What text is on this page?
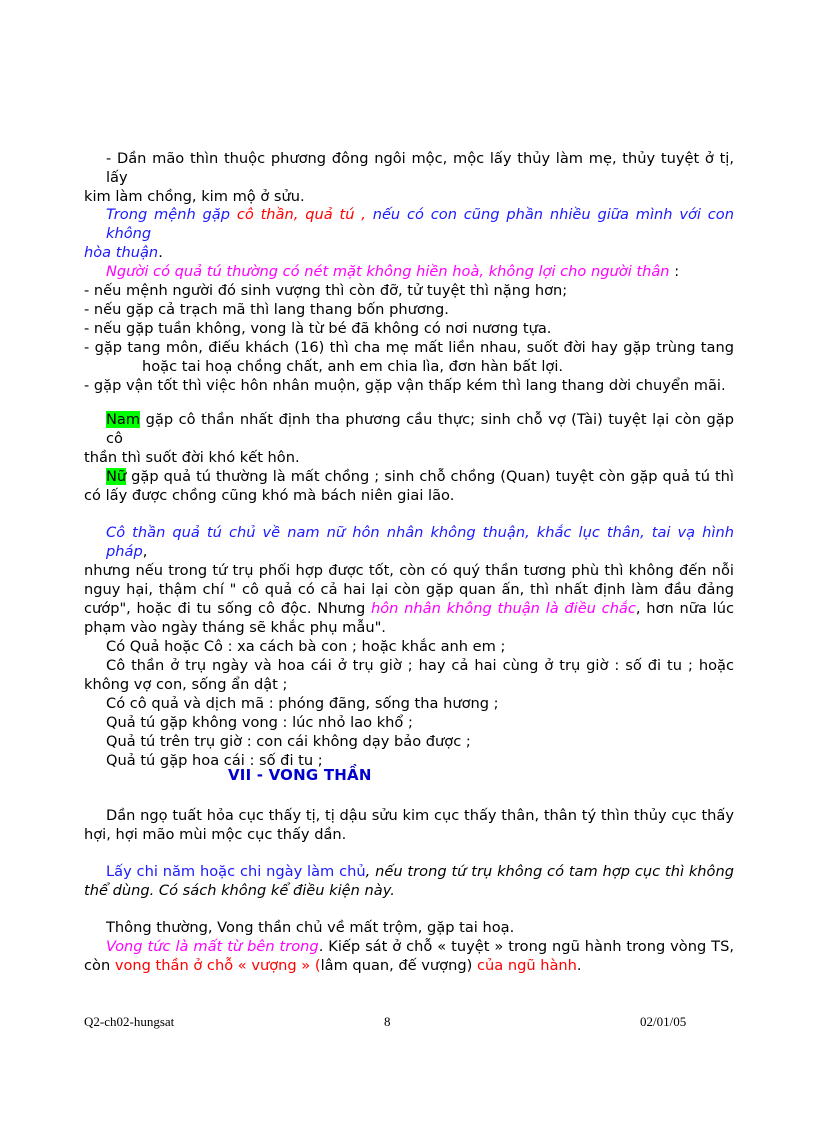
- Dần mão thìn thuộc phương đông ngôi mộc, mộc lấy thủy làm mẹ, thủy tuyệt ở tị, lấy
kim làm chồng, kim mộ ở sửu.
Trong mệnh gặp cô thần, quả tú , nếu có con cũng phần nhiều giữa mình với con không
hòa thuận.
Người có quả tú thường có nét mặt không hiền hoà, không lợi cho người thân :
- nếu mệnh người đó sinh vượng thì còn đỡ, tử tuyệt thì nặng hơn;
- nếu gặp cả trạch mã thì lang thang bốn phương.
- nếu gặp tuần không, vong là từ bé đã không có nơi nương tựa.
- gặp tang môn, điếu khách (16) thì cha mẹ mất liền nhau, suốt đời hay gặp trùng tang
hoặc tai hoạ chồng chất, anh em chia lìa, đơn hàn bất lợi.
- gặp vận tốt thì việc hôn nhân muộn, gặp vận thấp kém thì lang thang dời chuyển mãi.
Nam gặp cô thần nhất định tha phương cầu thực; sinh chỗ vợ (Tài) tuyệt lại còn gặp cô
thần thì suốt đời khó kết hôn.
Nữ gặp quả tú thường là mất chồng ; sinh chỗ chồng (Quan) tuyệt còn gặp quả tú thì
có lấy được chồng cũng khó mà bách niên giai lão.
Cô thần quả tú chủ về nam nữ hôn nhân không thuận, khắc lục thân, tai vạ hình pháp,
nhưng nếu trong tứ trụ phối hợp được tốt, còn có quý thần tương phù thì không đến nỗi
nguy hại, thậm chí " cô quả có cả hai lại còn gặp quan ấn, thì nhất định làm đầu đảng
cướp", hoặc đi tu sống cô độc. Nhưng hôn nhân không thuận là điều chắc, hơn nữa lúc
phạm vào ngày tháng sẽ khắc phụ mẫu".
Có Quả hoặc Cô : xa cách bà con ; hoặc khắc anh em ;
Cô thần ở trụ ngày và hoa cái ở trụ giờ ; hay cả hai cùng ở trụ giờ : số đi tu ; hoặc
không vợ con, sống ẩn dật ;
Có cô quả và dịch mã : phóng đãng, sống tha hương ;
Quả tú gặp không vong : lúc nhỏ lao khổ ;
Quả tú trên trụ giờ : con cái không dạy bảo được ;
Quả tú gặp hoa cái : số đi tu ;
VII - VONG THẦN
Dần ngọ tuất hỏa cục thấy tị, tị dậu sửu kim cục thấy thân, thân tý thìn thủy cục thấy
hợi, hợi mão mùi mộc cục thấy dần.
Lấy chi năm hoặc chi ngày làm chủ, nếu trong tứ trụ không có tam hợp cục thì không
thể dùng. Có sách không kể điều kiện này.
Thông thường, Vong thần chủ về mất trộm, gặp tai hoạ.
Vong tức là mất từ bên trong. Kiếp sát ở chỗ « tuyệt » trong ngũ hành trong vòng TS,
còn vong thần ở chỗ « vượng » (lâm quan, đế vượng) của ngũ hành.
Q2-ch02-hungsat	8	02/01/05
